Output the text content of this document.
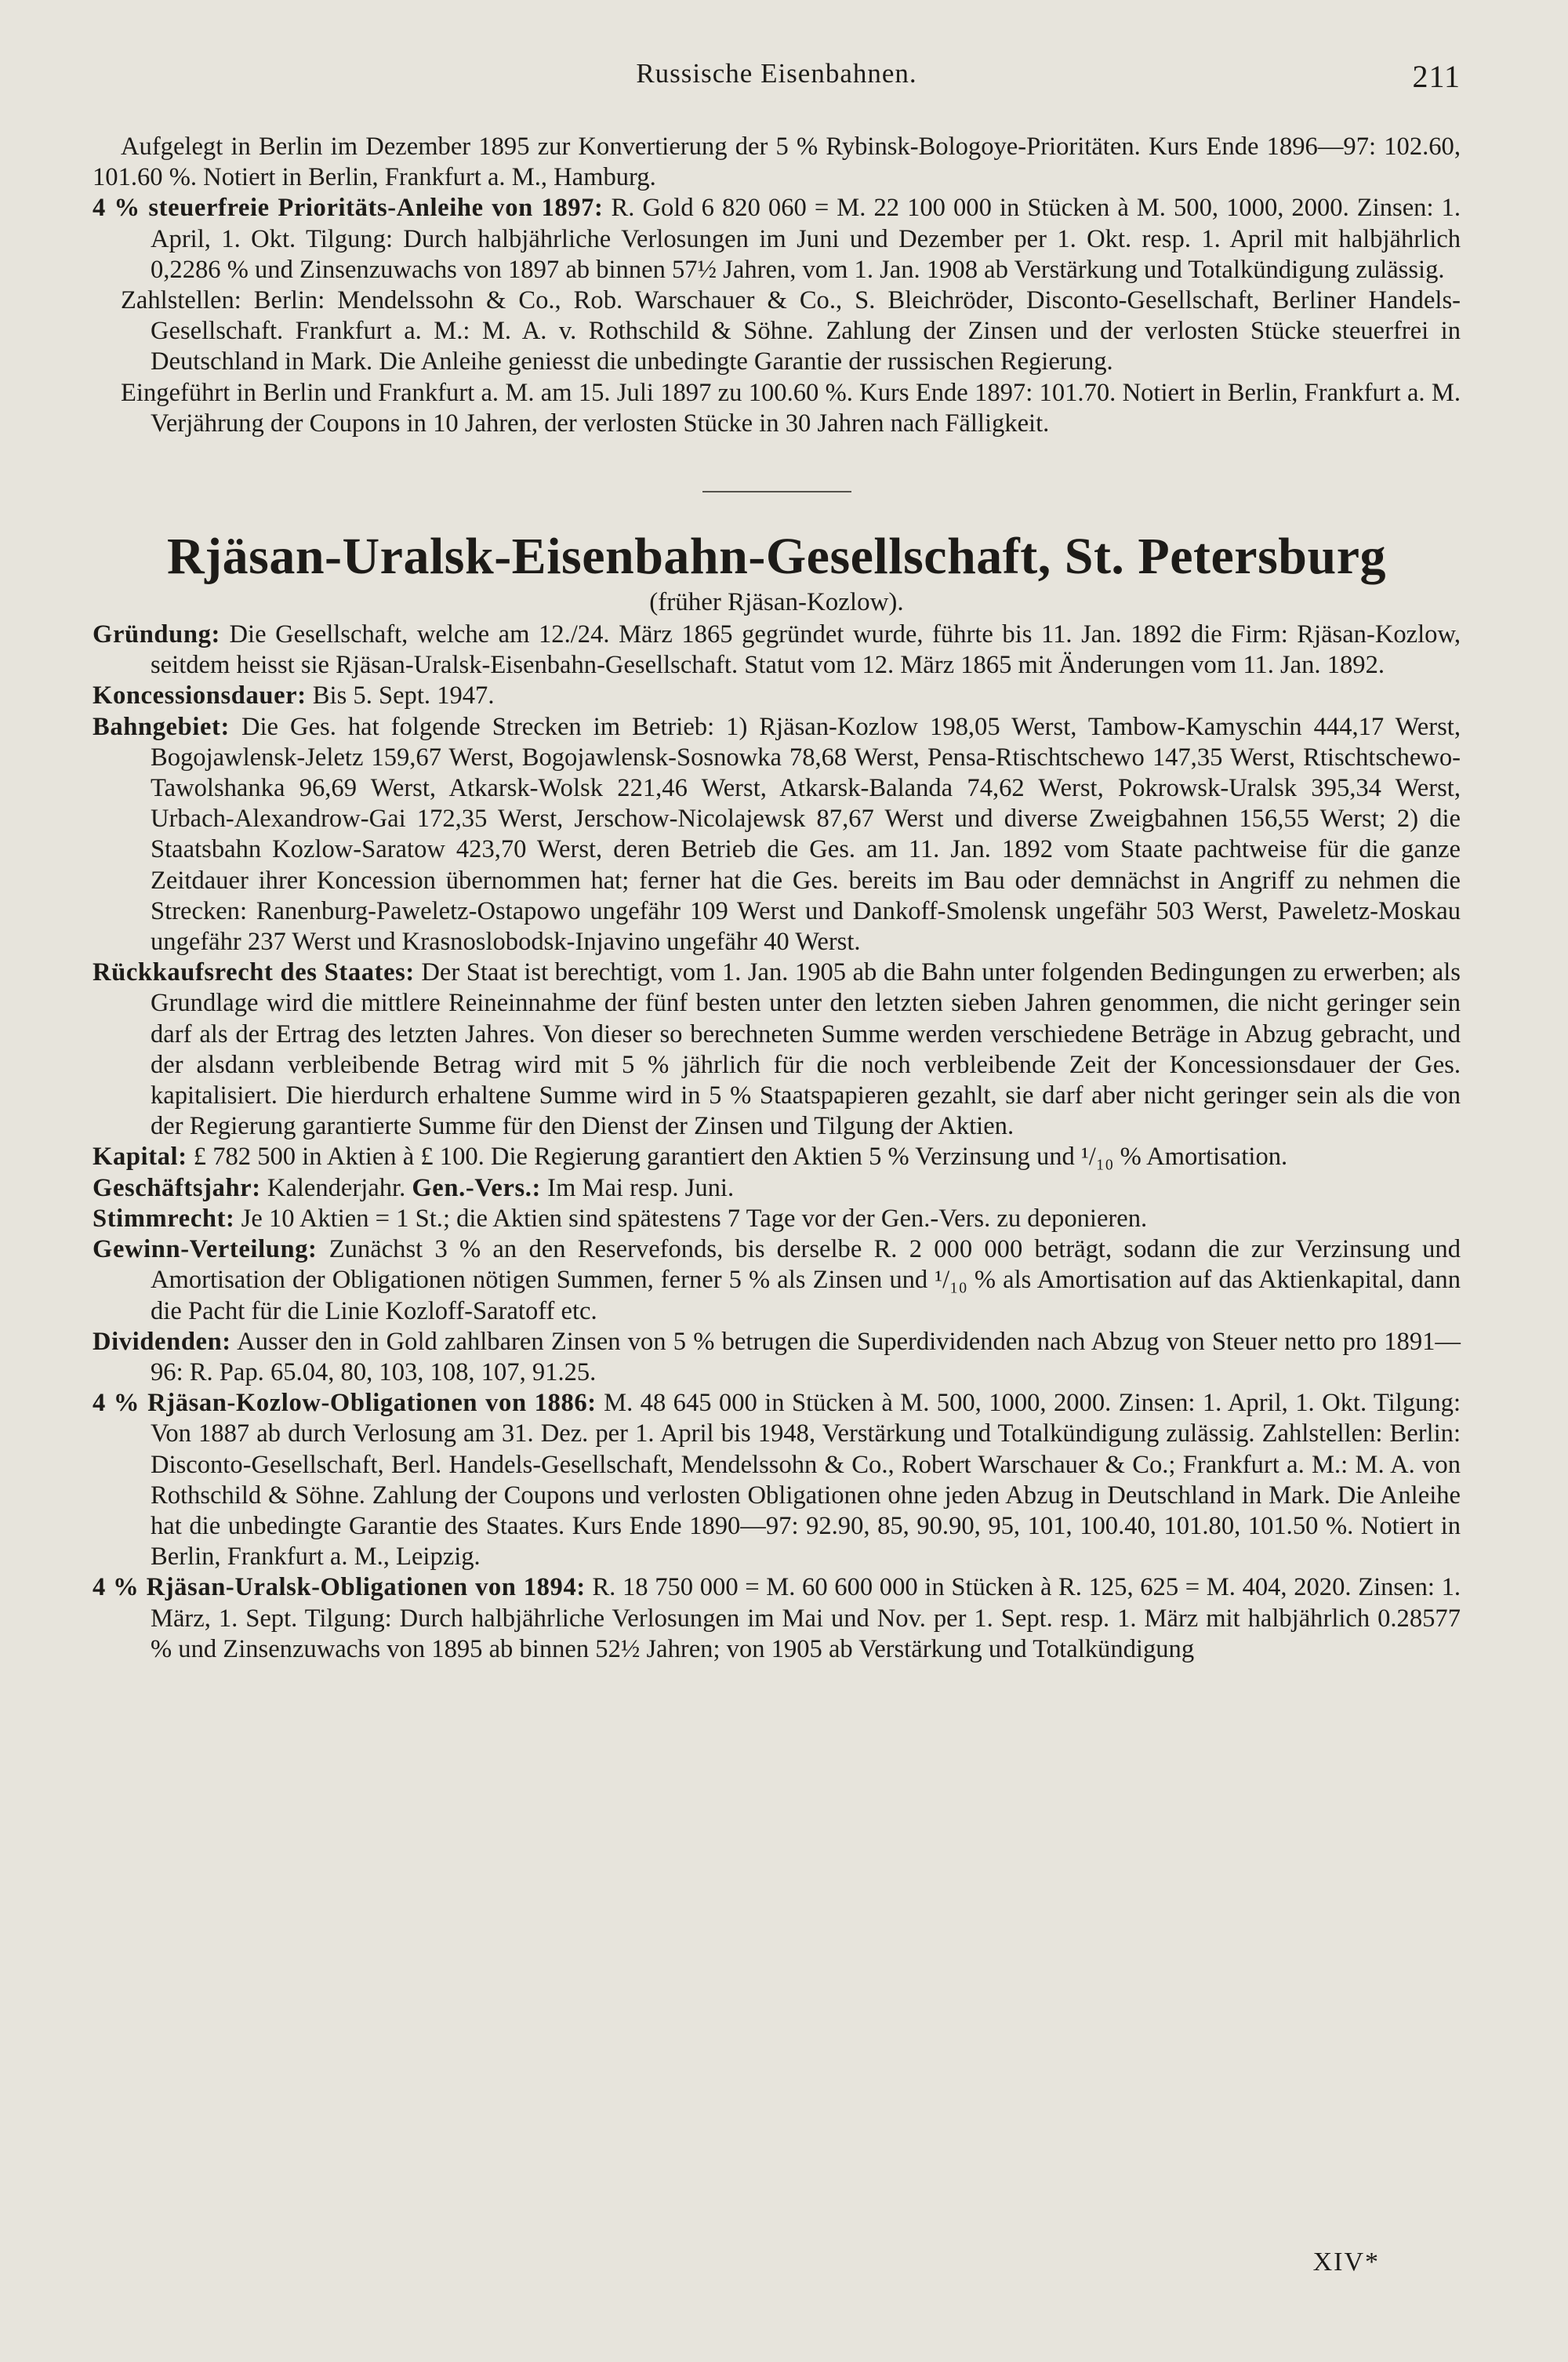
Russische Eisenbahnen.	211

Aufgelegt in Berlin im Dezember 1895 zur Konvertierung der 5 % Rybinsk-Bologoye-Prioritäten. Kurs Ende 1896—97: 102.60, 101.60 %. Notiert in Berlin, Frankfurt a. M., Hamburg.

4 % steuerfreie Prioritäts-Anleihe von 1897: R. Gold 6 820 060 = M. 22 100 000 in Stücken à M. 500, 1000, 2000. Zinsen: 1. April, 1. Okt. Tilgung: Durch halbjährliche Verlosungen im Juni und Dezember per 1. Okt. resp. 1. April mit halbjährlich 0,2286 % und Zinsenzuwachs von 1897 ab binnen 57½ Jahren, vom 1. Jan. 1908 ab Verstärkung und Totalkündigung zulässig.

Zahlstellen: Berlin: Mendelssohn & Co., Rob. Warschauer & Co., S. Bleichröder, Disconto-Gesellschaft, Berliner Handels-Gesellschaft. Frankfurt a. M.: M. A. v. Rothschild & Söhne. Zahlung der Zinsen und der verlosten Stücke steuerfrei in Deutschland in Mark. Die Anleihe geniesst die unbedingte Garantie der russischen Regierung.

Eingeführt in Berlin und Frankfurt a. M. am 15. Juli 1897 zu 100.60 %. Kurs Ende 1897: 101.70. Notiert in Berlin, Frankfurt a. M. Verjährung der Coupons in 10 Jahren, der verlosten Stücke in 30 Jahren nach Fälligkeit.

Rjäsan-Uralsk-Eisenbahn-Gesellschaft, St. Petersburg

(früher Rjäsan-Kozlow).

Gründung: Die Gesellschaft, welche am 12./24. März 1865 gegründet wurde, führte bis 11. Jan. 1892 die Firm: Rjäsan-Kozlow, seitdem heisst sie Rjäsan-Uralsk-Eisenbahn-Gesellschaft. Statut vom 12. März 1865 mit Änderungen vom 11. Jan. 1892.

Koncessionsdauer: Bis 5. Sept. 1947.

Bahngebiet: Die Ges. hat folgende Strecken im Betrieb: 1) Rjäsan-Kozlow 198,05 Werst, Tambow-Kamyschin 444,17 Werst, Bogojawlensk-Jeletz 159,67 Werst, Bogojawlensk-Sosnowka 78,68 Werst, Pensa-Rtischtschewo 147,35 Werst, Rtischtschewo-Tawolshanka 96,69 Werst, Atkarsk-Wolsk 221,46 Werst, Atkarsk-Balanda 74,62 Werst, Pokrowsk-Uralsk 395,34 Werst, Urbach-Alexandrow-Gai 172,35 Werst, Jerschow-Nicolajewsk 87,67 Werst und diverse Zweigbahnen 156,55 Werst; 2) die Staatsbahn Kozlow-Saratow 423,70 Werst, deren Betrieb die Ges. am 11. Jan. 1892 vom Staate pachtweise für die ganze Zeitdauer ihrer Koncession übernommen hat; ferner hat die Ges. bereits im Bau oder demnächst in Angriff zu nehmen die Strecken: Ranenburg-Paweletz-Ostapowo ungefähr 109 Werst und Dankoff-Smolensk ungefähr 503 Werst, Paweletz-Moskau ungefähr 237 Werst und Krasnoslobodsk-Injavino ungefähr 40 Werst.

Rückkaufsrecht des Staates: Der Staat ist berechtigt, vom 1. Jan. 1905 ab die Bahn unter folgenden Bedingungen zu erwerben; als Grundlage wird die mittlere Reineinnahme der fünf besten unter den letzten sieben Jahren genommen, die nicht geringer sein darf als der Ertrag des letzten Jahres. Von dieser so berechneten Summe werden verschiedene Beträge in Abzug gebracht, und der alsdann verbleibende Betrag wird mit 5 % jährlich für die noch verbleibende Zeit der Koncessionsdauer der Ges. kapitalisiert. Die hierdurch erhaltene Summe wird in 5 % Staatspapieren gezahlt, sie darf aber nicht geringer sein als die von der Regierung garantierte Summe für den Dienst der Zinsen und Tilgung der Aktien.

Kapital: £ 782 500 in Aktien à £ 100. Die Regierung garantiert den Aktien 5 % Verzinsung und ¹/₁₀ % Amortisation.

Geschäftsjahr: Kalenderjahr. Gen.-Vers.: Im Mai resp. Juni.

Stimmrecht: Je 10 Aktien = 1 St.; die Aktien sind spätestens 7 Tage vor der Gen.-Vers. zu deponieren.

Gewinn-Verteilung: Zunächst 3 % an den Reservefonds, bis derselbe R. 2 000 000 beträgt, sodann die zur Verzinsung und Amortisation der Obligationen nötigen Summen, ferner 5 % als Zinsen und ¹/₁₀ % als Amortisation auf das Aktienkapital, dann die Pacht für die Linie Kozloff-Saratoff etc.

Dividenden: Ausser den in Gold zahlbaren Zinsen von 5 % betrugen die Superdividenden nach Abzug von Steuer netto pro 1891—96: R. Pap. 65.04, 80, 103, 108, 107, 91.25.

4 % Rjäsan-Kozlow-Obligationen von 1886: M. 48 645 000 in Stücken à M. 500, 1000, 2000. Zinsen: 1. April, 1. Okt. Tilgung: Von 1887 ab durch Verlosung am 31. Dez. per 1. April bis 1948, Verstärkung und Totalkündigung zulässig. Zahlstellen: Berlin: Disconto-Gesellschaft, Berl. Handels-Gesellschaft, Mendelssohn & Co., Robert Warschauer & Co.; Frankfurt a. M.: M. A. von Rothschild & Söhne. Zahlung der Coupons und verlosten Obligationen ohne jeden Abzug in Deutschland in Mark. Die Anleihe hat die unbedingte Garantie des Staates. Kurs Ende 1890—97: 92.90, 85, 90.90, 95, 101, 100.40, 101.80, 101.50 %. Notiert in Berlin, Frankfurt a. M., Leipzig.

4 % Rjäsan-Uralsk-Obligationen von 1894: R. 18 750 000 = M. 60 600 000 in Stücken à R. 125, 625 = M. 404, 2020. Zinsen: 1. März, 1. Sept. Tilgung: Durch halbjährliche Verlosungen im Mai und Nov. per 1. Sept. resp. 1. März mit halbjährlich 0.28577 % und Zinsenzuwachs von 1895 ab binnen 52½ Jahren; von 1905 ab Verstärkung und Totalkündigung

XIV*
